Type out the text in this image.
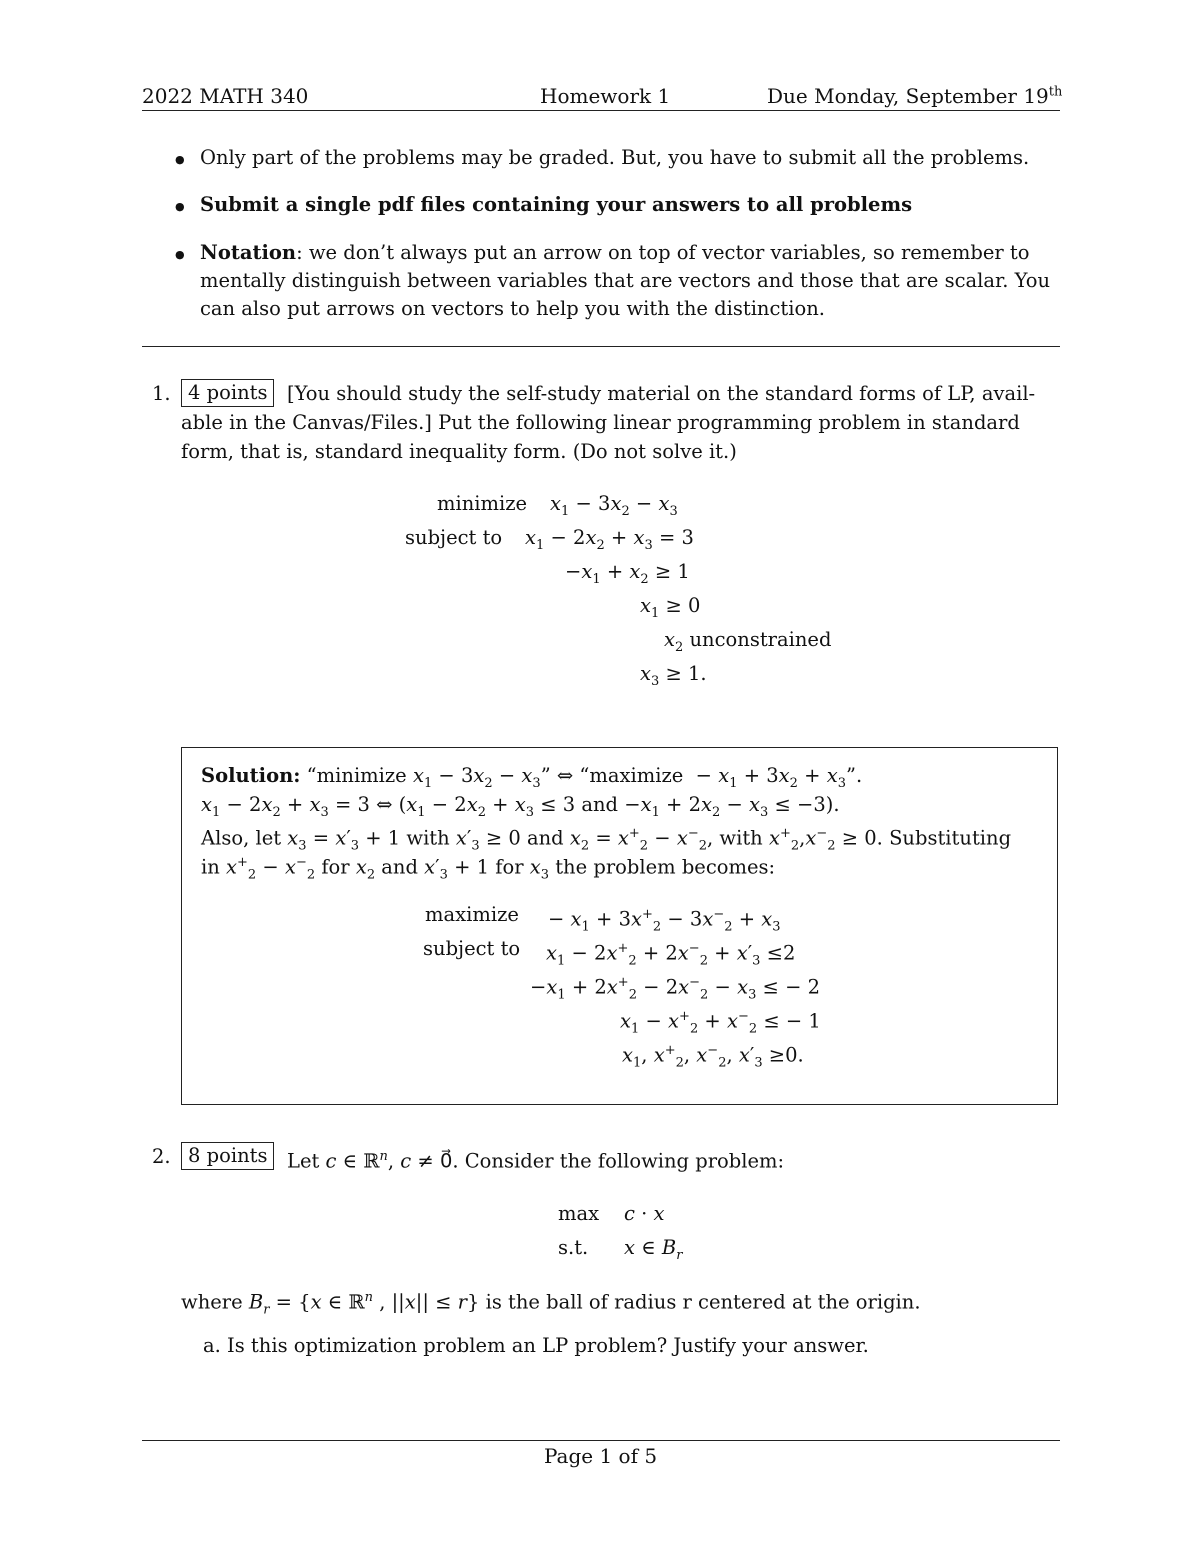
2022 MATH 340	Homework 1	Due Monday, September 19th
● Only part of the problems may be graded. But, you have to submit all the problems.
● Submit a single pdf files containing your answers to all problems
● Notation: we don’t always put an arrow on top of vector variables, so remember to
mentally distinguish between variables that are vectors and those that are scalar. You
can also put arrows on vectors to help you with the distinction.
1. 4 points	[You should study the self-study material on the standard forms of LP, avail-
able in the Canvas/Files.] Put the following linear programming problem in standard
form, that is, standard inequality form. (Do not solve it.)
minimize $x_1 - 3x_2 - x_3$
subject to $x_1 - 2x_2 + x_3 = 3$
$-x_1 + x_2 \ge 1$
$x_1 \ge 0$
$x_2$ unconstrained
$x_3 \ge 1$.
Solution: “minimize $x_1 - 3x_2 - x_3$” ⇔ “maximize  − $x_1 + 3x_2 + x_3$”.
$x_1 - 2x_2 + x_3 = 3$ ⇔ ($x_1 - 2x_2 + x_3 \le 3$ and $-x_1 + 2x_2 - x_3 \le -3$).
Also, let $x_3 = x'_3 + 1$ with $x'_3 \ge 0$ and $x_2 = x^+_2 - x^-_2$, with $x^+_2,x^-_2 \ge 0$. Substituting
in $x^+_2 - x^-_2$ for $x_2$ and $x'_3 + 1$ for $x_3$ the problem becomes:
maximize − $x_1 + 3x^+_2 - 3x^-_2 + x_3$
subject to $x_1 - 2x^+_2 + 2x^-_2 + x'_3 \le 2$
$-x_1 + 2x^+_2 - 2x^-_2 - x_3$ ≤ − 2
$x_1 - x^+_2 + x^-_2$ ≤ − 1
$x_1$, $x^+_2$, $x^-_2$, $x'_3 \ge 0$.
2. 8 points	Let c ∈ ℝ$^n$, c ≠ 0⃗. Consider the following problem:
max c · x
s.t. x ∈ $B_r$
where $B_r = \{x$ ∈ ℝ$^n$ , ||x|| ≤ r} is the ball of radius r centered at the origin.
a. Is this optimization problem an LP problem? Justify your answer.
Page 1 of 5
